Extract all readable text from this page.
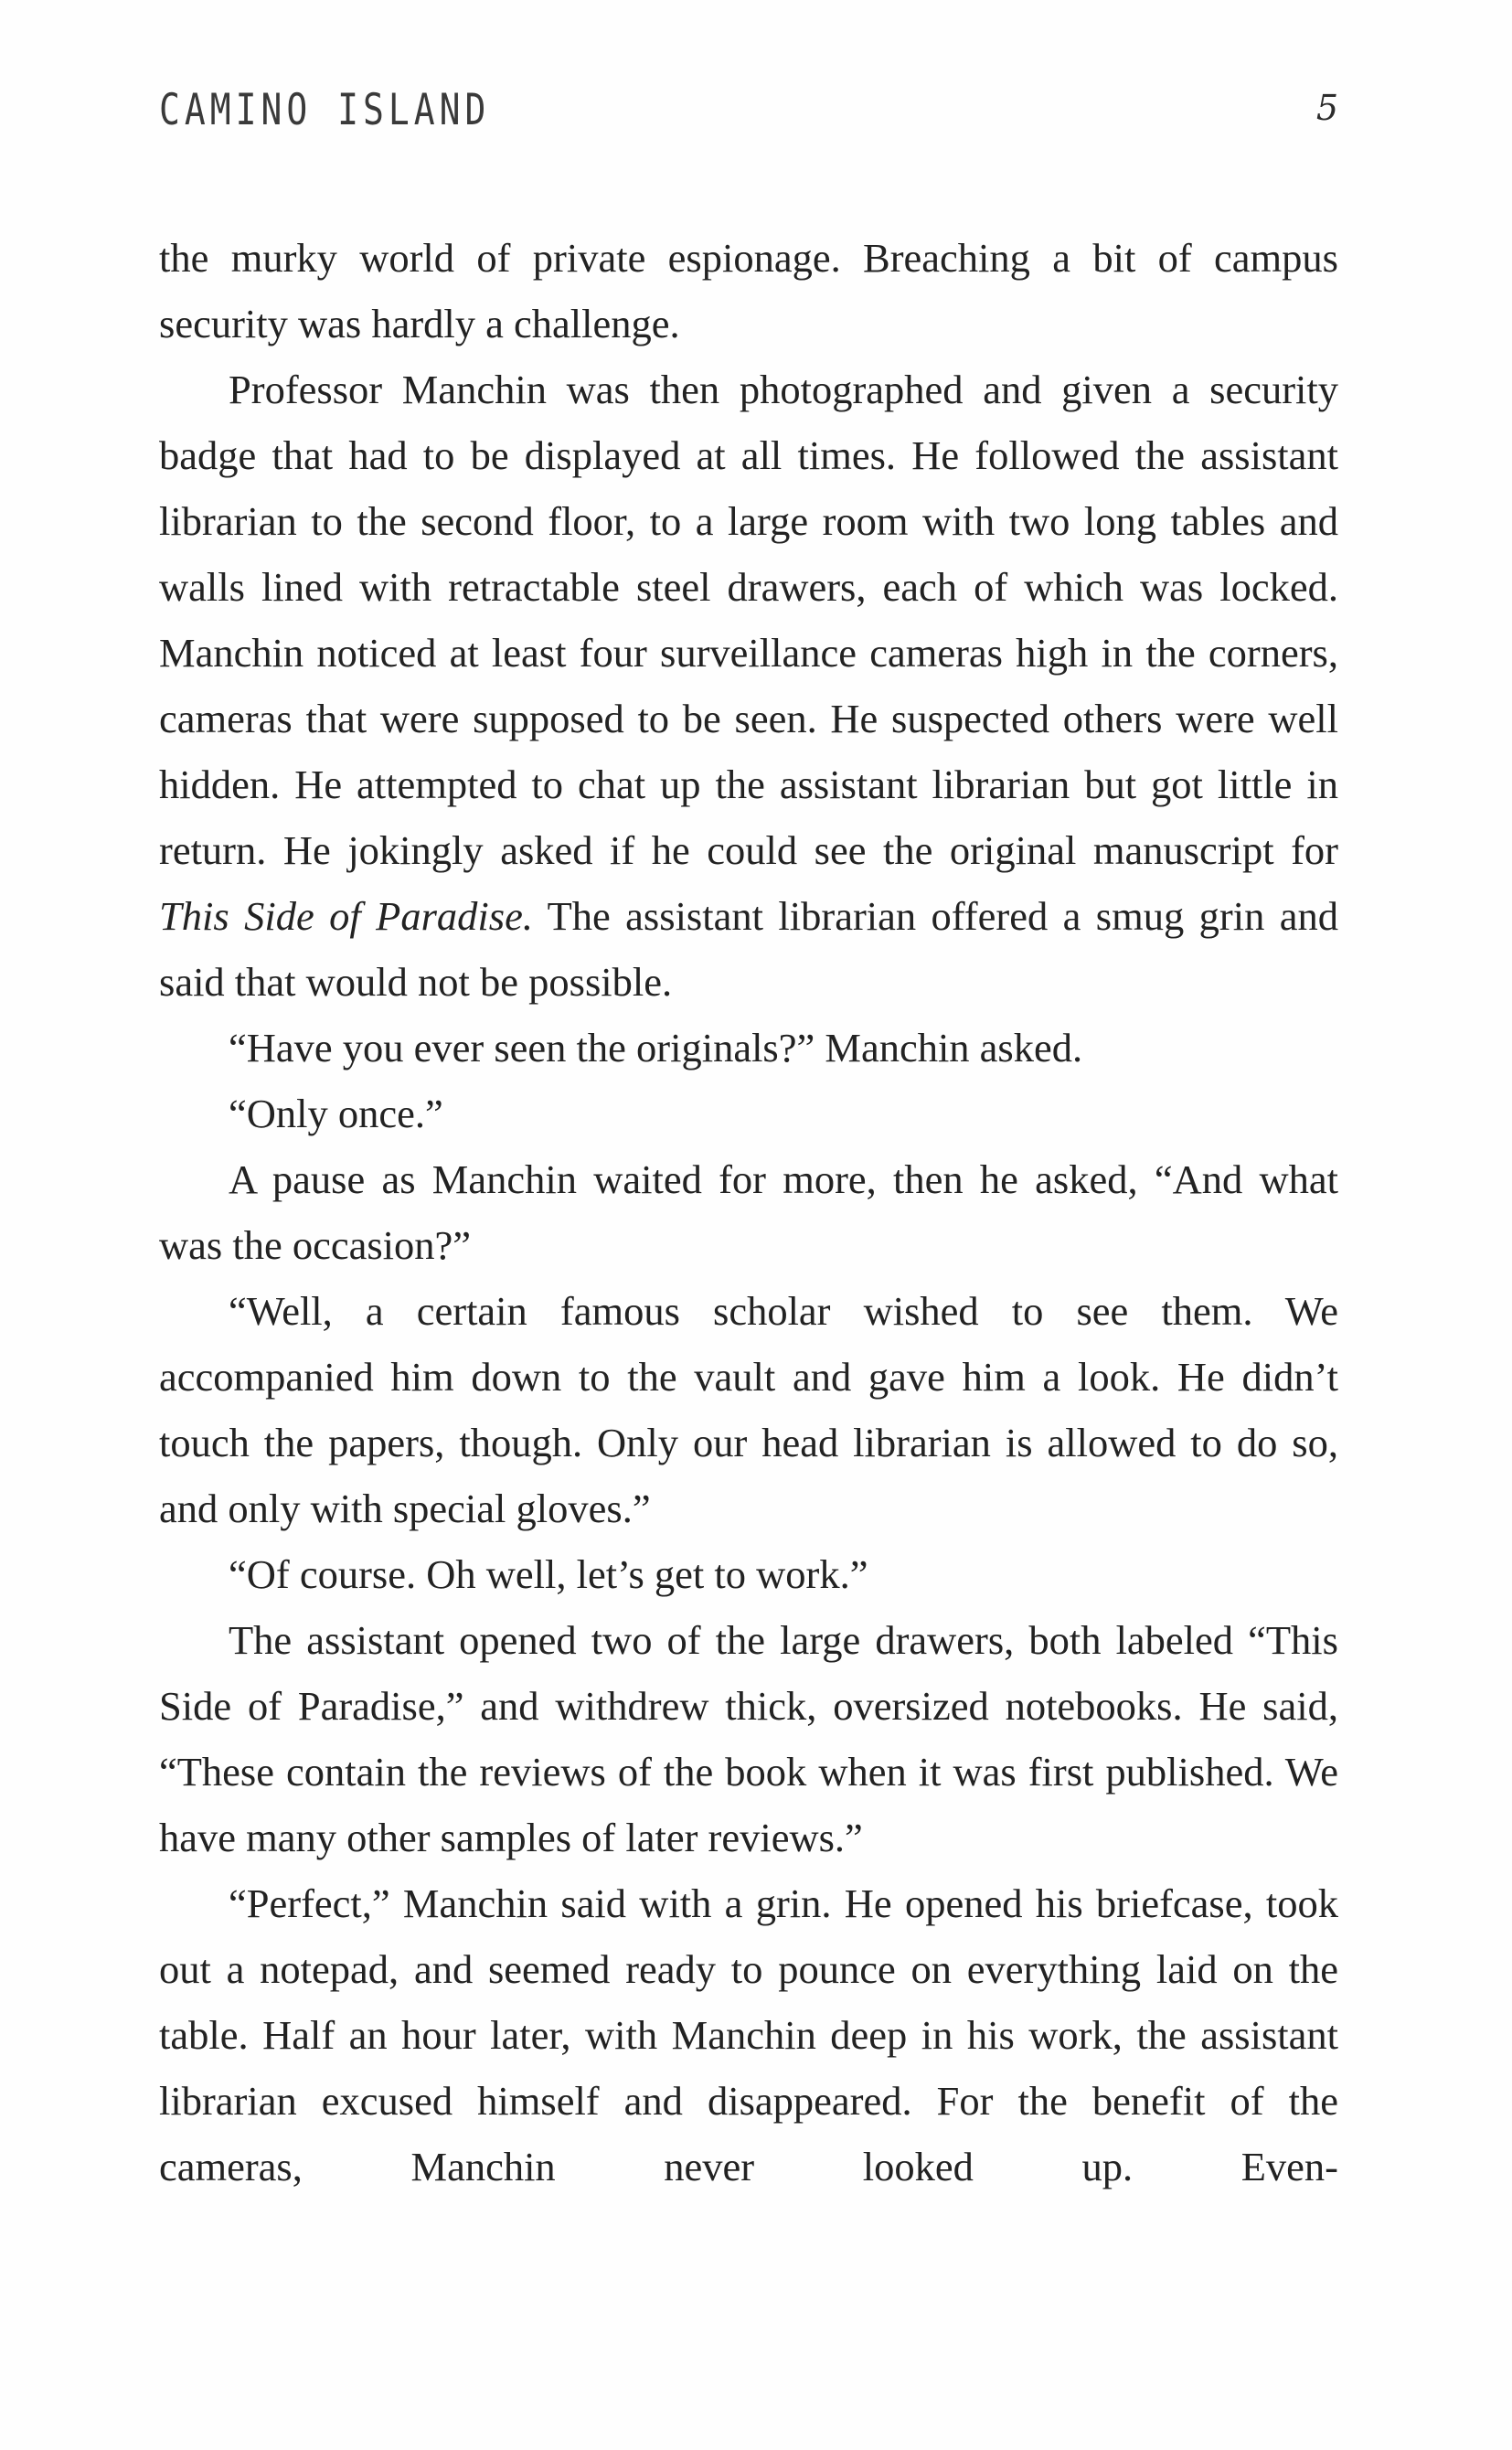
CAMINO ISLAND	5

the murky world of private espionage. Breaching a bit of campus security was hardly a challenge.

Professor Manchin was then photographed and given a security badge that had to be displayed at all times. He followed the assistant librarian to the second floor, to a large room with two long tables and walls lined with retractable steel drawers, each of which was locked. Manchin noticed at least four surveillance cameras high in the corners, cameras that were supposed to be seen. He suspected others were well hidden. He attempted to chat up the assistant librarian but got little in return. He jokingly asked if he could see the original manuscript for This Side of Paradise. The assistant librarian offered a smug grin and said that would not be possible.

“Have you ever seen the originals?” Manchin asked.

“Only once.”

A pause as Manchin waited for more, then he asked, “And what was the occasion?”

“Well, a certain famous scholar wished to see them. We accompanied him down to the vault and gave him a look. He didn’t touch the papers, though. Only our head librarian is allowed to do so, and only with special gloves.”

“Of course. Oh well, let’s get to work.”

The assistant opened two of the large drawers, both labeled “This Side of Paradise,” and withdrew thick, oversized notebooks. He said, “These contain the reviews of the book when it was first published. We have many other samples of later reviews.”

“Perfect,” Manchin said with a grin. He opened his briefcase, took out a notepad, and seemed ready to pounce on everything laid on the table. Half an hour later, with Manchin deep in his work, the assistant librarian excused himself and disappeared. For the benefit of the cameras, Manchin never looked up. Even-
